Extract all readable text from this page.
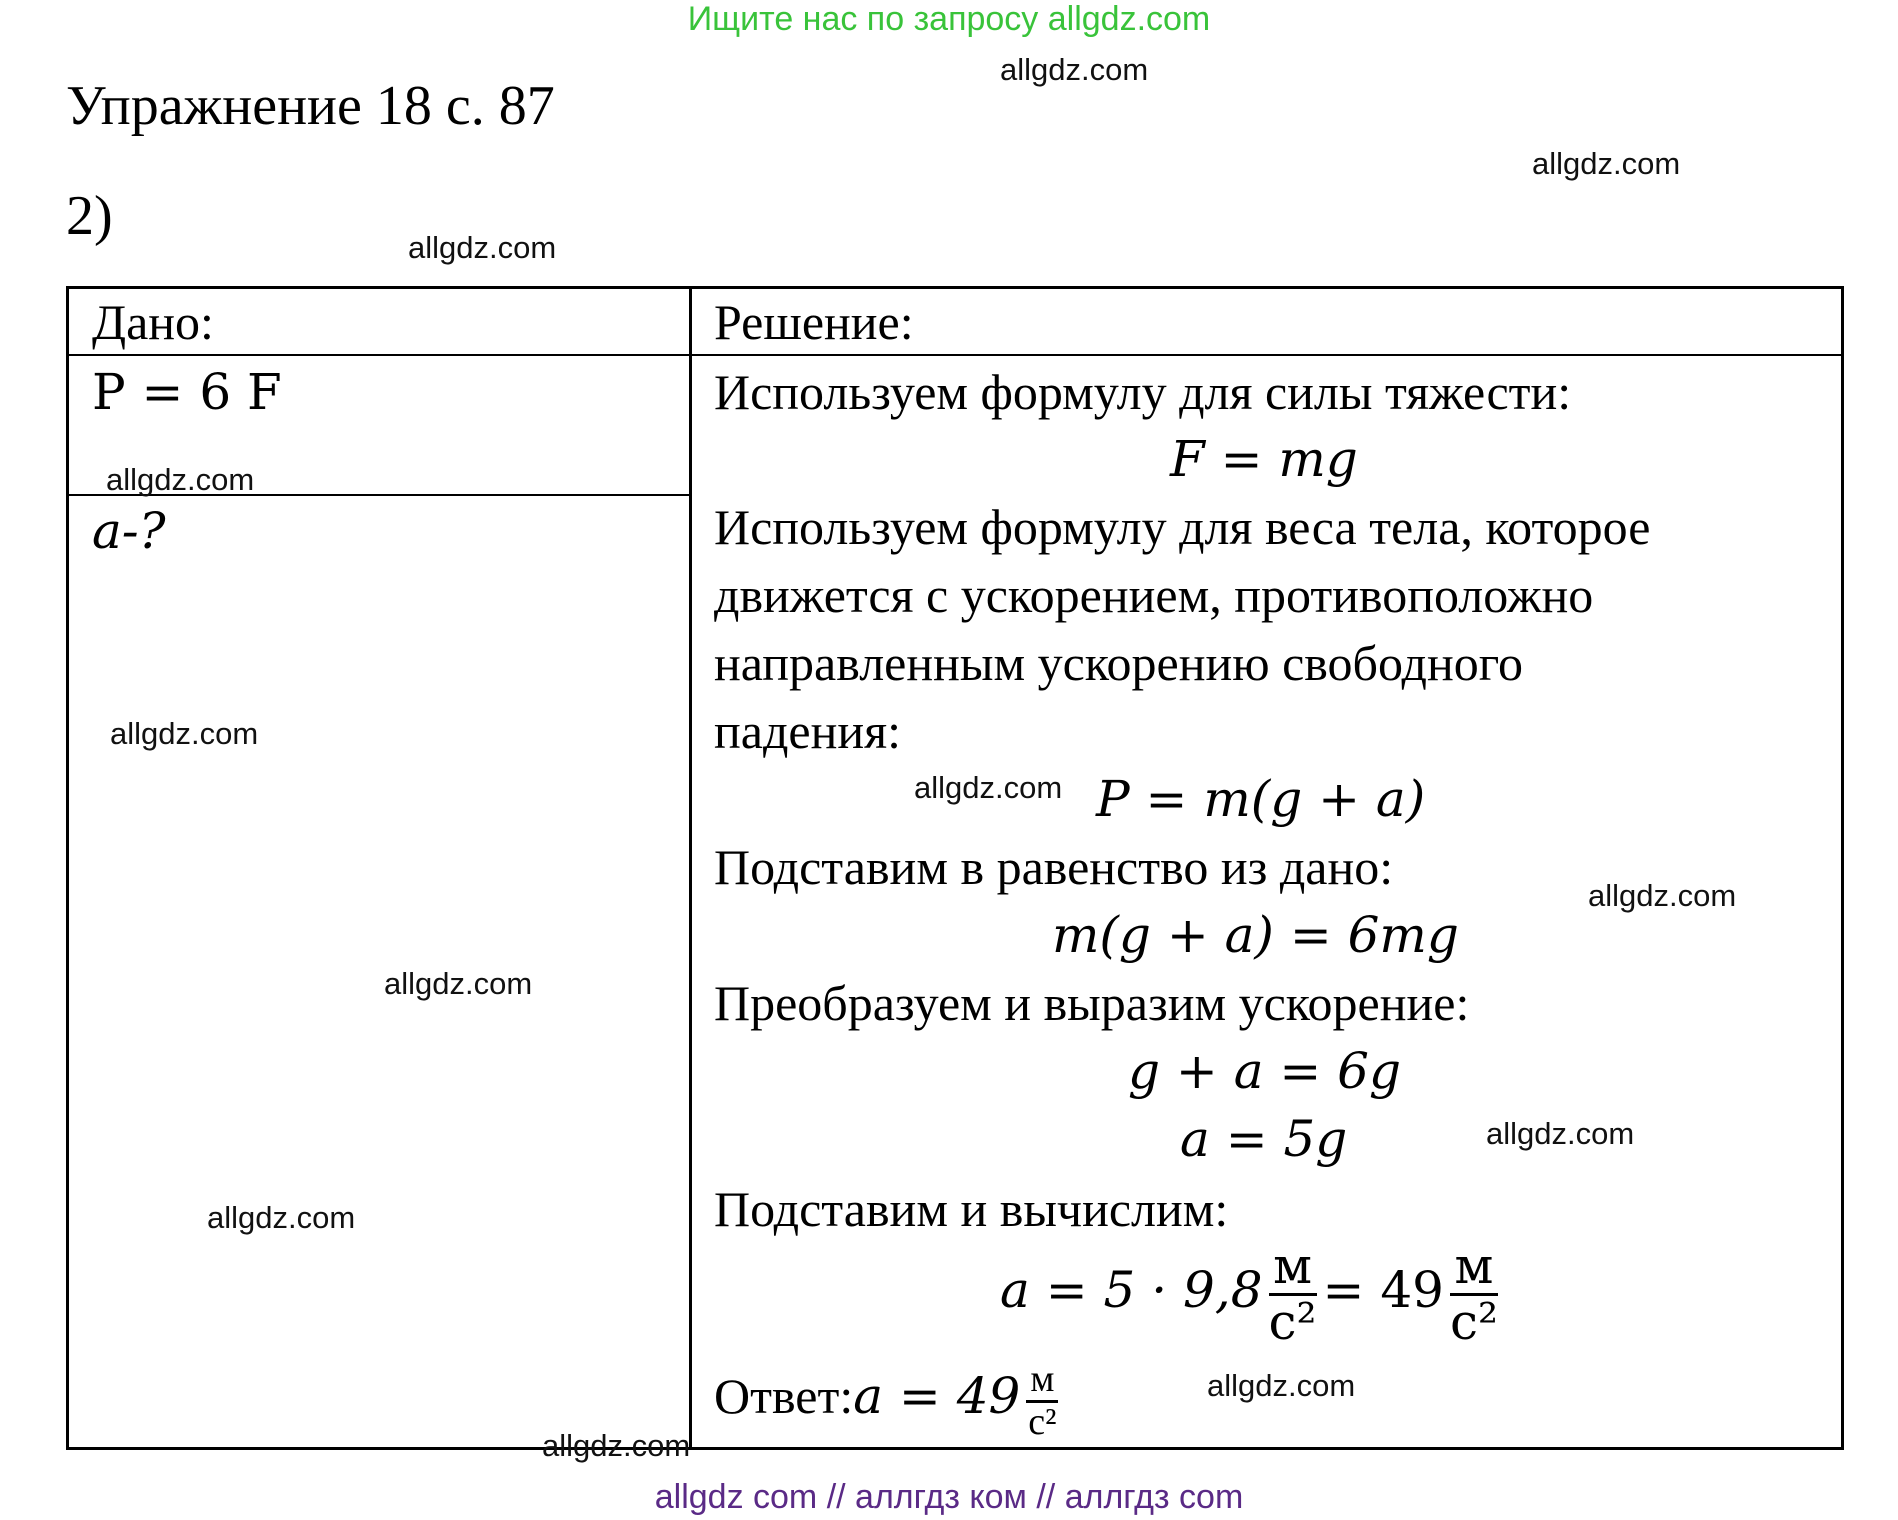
Ищите нас по запросу allgdz.com
Упражнение 18 с. 87
2)
allgdz.com
allgdz.com
allgdz.com
Дано:	Решение:
P = 6 F
allgdz.com
a-?
allgdz.com
allgdz.com
allgdz.com
allgdz.com
Используем формулу для силы тяжести:
F = mg
Используем формулу для веса тела, которое
движется с ускорением, противоположно
направленным ускорению свободного
падения:
allgdz.com P = m(g + a)
Подставим в равенство из дано:
allgdz.com
m(g + a) = 6mg
Преобразуем и выразим ускорение:
g + a = 6g
a = 5g	allgdz.com
Подставим и вычислим:
$a = 5 \cdot 9,8 \frac{м}{\text{с²}} = 49 \frac{м}{\text{с²}}$
allgdz.com
Ответ:a = $49 \frac{м}{\text{с²}}$
allgdz com // аллгдз ком // аллгдз com
